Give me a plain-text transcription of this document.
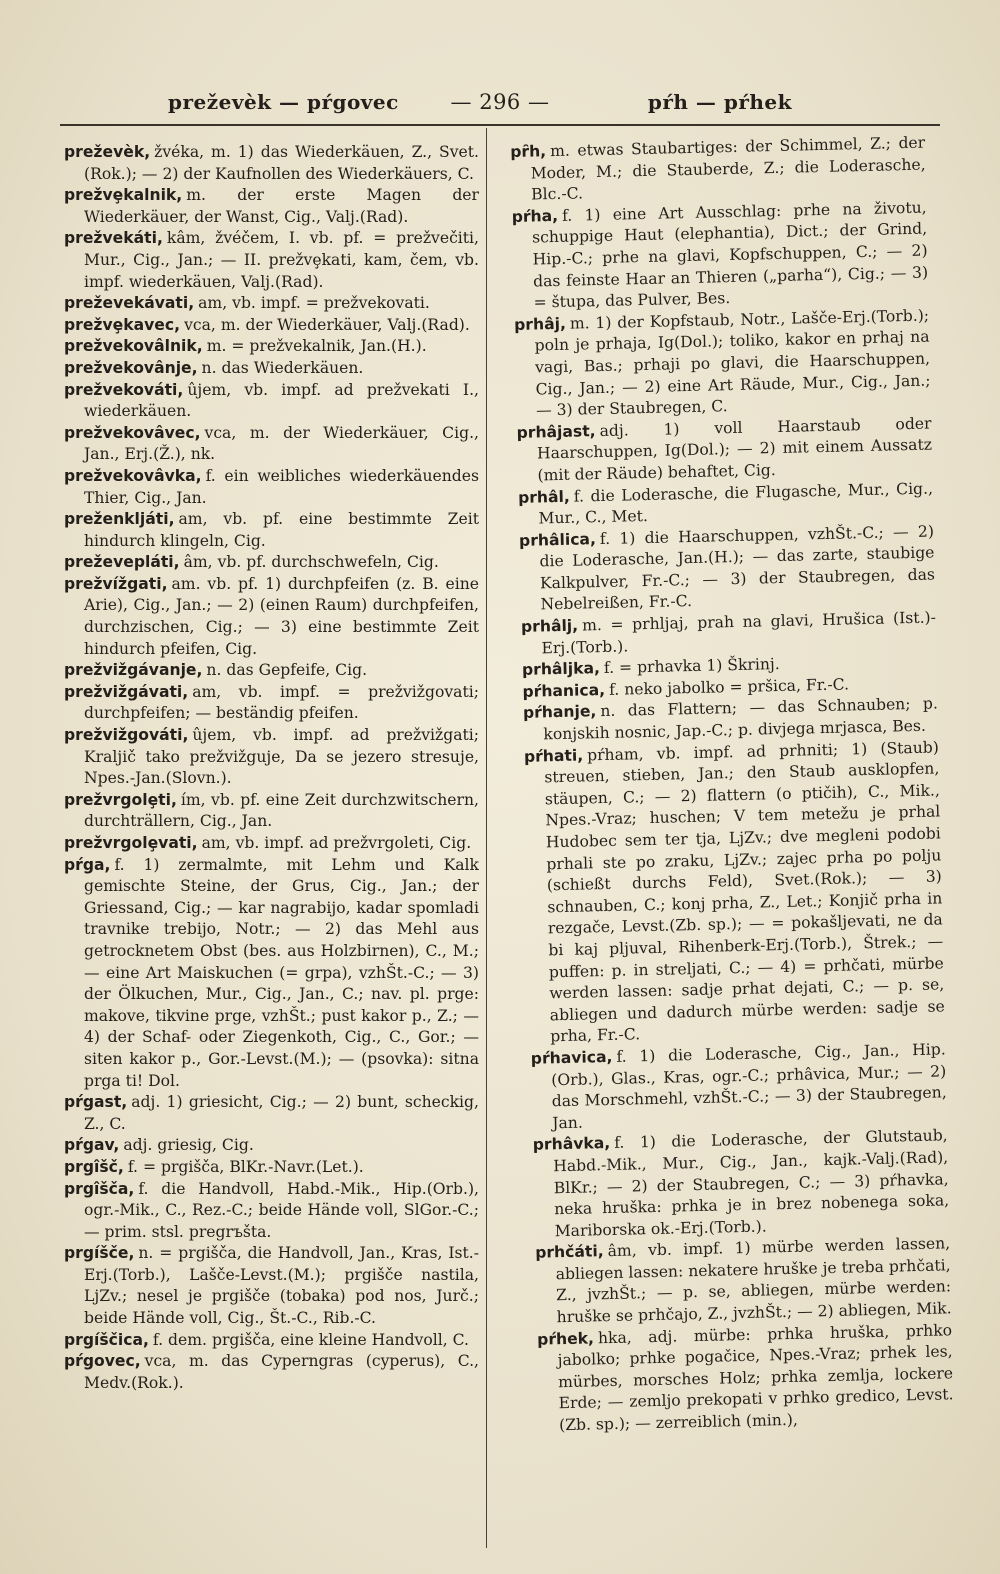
preževèk — pŕgovec	— 296 —	pŕh — pŕhek

preževèk, žvéka, m. 1) das Wiederkäuen, Z., Svet.(Rok.); — 2) der Kaufnollen des Wiederkäuers, C.

prežvȩkalnik, m. der erste Magen der Wiederkäuer, der Wanst, Cig., Valj.(Rad).

prežvekáti, kâm, žvéčem, I. vb. pf. = prežvečiti, Mur., Cig., Jan.; — II. prežvȩkati, kam, čem, vb. impf. wiederkäuen, Valj.(Rad).

preževekávati, am, vb. impf. = prežvekovati.

prežvȩkavec, vca, m. der Wiederkäuer, Valj.(Rad).

prežvekovâlnik, m. = prežvekalnik, Jan.(H.).

prežvekovânje, n. das Wiederkäuen.

prežvekováti, ûjem, vb. impf. ad prežvekati I., wiederkäuen.

prežvekovâvec, vca, m. der Wiederkäuer, Cig., Jan., Erj.(Ž.), nk.

prežvekovâvka, f. ein weibliches wiederkäuendes Thier, Cig., Jan.

preženkljáti, am, vb. pf. eine bestimmte Zeit hindurch klingeln, Cig.

preževepláti, âm, vb. pf. durchschwefeln, Cig.

prežvížgati, am. vb. pf. 1) durchpfeifen (z. B. eine Arie), Cig., Jan.; — 2) (einen Raum) durchpfeifen, durchzischen, Cig.; — 3) eine bestimmte Zeit hindurch pfeifen, Cig.

prežvižgávanje, n. das Gepfeife, Cig.

prežvižgávati, am, vb. impf. = prežvižgovati; durchpfeifen; — beständig pfeifen.

prežvižgováti, ûjem, vb. impf. ad prežvižgati; Kraljič tako prežvižguje, Da se jezero stresuje, Npes.-Jan.(Slovn.).

prežvrgolȩti, ím, vb. pf. eine Zeit durchzwitschern, durchträllern, Cig., Jan.

prežvrgolȩvati, am, vb. impf. ad prežvrgoleti, Cig.

pŕga, f. 1) zermalmte, mit Lehm und Kalk gemischte Steine, der Grus, Cig., Jan.; der Griessand, Cig.; — kar nagrabijo, kadar spomladi travnike trebijo, Notr.; — 2) das Mehl aus getrocknetem Obst (bes. aus Holzbirnen), C., M.; — eine Art Maiskuchen (= grpa), vzhŠt.-C.; — 3) der Ölkuchen, Mur., Cig., Jan., C.; nav. pl. prge: makove, tikvine prge, vzhŠt.; pust kakor p., Z.; — 4) der Schaf- oder Ziegenkoth, Cig., C., Gor.; — siten kakor p., Gor.-Levst.(M.); — (psovka): sitna prga ti! Dol.

pŕgast, adj. 1) griesicht, Cig.; — 2) bunt, scheckig, Z., C.

pŕgav, adj. griesig, Cig.

prgîšč, f. = prgišča, BlKr.-Navr.(Let.).

prgîšča, f. die Handvoll, Habd.-Mik., Hip.(Orb.), ogr.-Mik., C., Rez.-C.; beide Hände voll, SlGor.-C.; — prim. stsl. pregrъšta.

prgíšče, n. = prgišča, die Handvoll, Jan., Kras, Ist.-Erj.(Torb.), Lašče-Levst.(M.); prgišče nastila, LjZv.; nesel je prgišče (tobaka) pod nos, Jurč.; beide Hände voll, Cig., Št.-C., Rib.-C.

prgíščica, f. dem. prgišča, eine kleine Handvoll, C.

pŕgovec, vca, m. das Cyperngras (cyperus), C., Medv.(Rok.).

pȓh, m. etwas Staubartiges: der Schimmel, Z.; der Moder, M.; die Stauberde, Z.; die Loderasche, Blc.-C.

pŕha, f. 1) eine Art Ausschlag: prhe na životu, schuppige Haut (elephantia), Dict.; der Grind, Hip.-C.; prhe na glavi, Kopfschuppen, C.; — 2) das feinste Haar an Thieren („parha“), Cig.; — 3) = štupa, das Pulver, Bes.

prhâj, m. 1) der Kopfstaub, Notr., Lašče-Erj.(Torb.); poln je prhaja, Ig(Dol.); toliko, kakor en prhaj na vagi, Bas.; prhaji po glavi, die Haarschuppen, Cig., Jan.; — 2) eine Art Räude, Mur., Cig., Jan.; — 3) der Staubregen, C.

prhâjast, adj. 1) voll Haarstaub oder Haarschuppen, Ig(Dol.); — 2) mit einem Aussatz (mit der Räude) behaftet, Cig.

prhâl, f. die Loderasche, die Flugasche, Mur., Cig., Mur., C., Met.

prhâlica, f. 1) die Haarschuppen, vzhŠt.-C.; — 2) die Loderasche, Jan.(H.); — das zarte, staubige Kalkpulver, Fr.-C.; — 3) der Staubregen, das Nebelreißen, Fr.-C.

prhâlj, m. = prhljaj, prah na glavi, Hrušica (Ist.)-Erj.(Torb.).

prhâljka, f. = prhavka 1) Škrinj.

pŕhanica, f. neko jabolko = pršica, Fr.-C.

pŕhanje, n. das Flattern; — das Schnauben; p. konjskih nosnic, Jap.-C.; p. divjega mrjasca, Bes.

pŕhati, pŕham, vb. impf. ad prhniti; 1) (Staub) streuen, stieben, Jan.; den Staub ausklopfen, stäupen, C.; — 2) flattern (o ptičih), C., Mik., Npes.-Vraz; huschen; V tem metežu je prhal Hudobec sem ter tja, LjZv.; dve megleni podobi prhali ste po zraku, LjZv.; zajec prha po polju (schießt durchs Feld), Svet.(Rok.); — 3) schnauben, C.; konj prha, Z., Let.; Konjič prha in rezgače, Levst.(Zb. sp.); — = pokašljevati, ne da bi kaj pljuval, Rihenberk-Erj.(Torb.), Štrek.; — puffen: p. in streljati, C.; — 4) = prhčati, mürbe werden lassen: sadje prhat dejati, C.; — p. se, abliegen und dadurch mürbe werden: sadje se prha, Fr.-C.

pŕhavica, f. 1) die Loderasche, Cig., Jan., Hip.(Orb.), Glas., Kras, ogr.-C.; prhâvica, Mur.; — 2) das Morschmehl, vzhŠt.-C.; — 3) der Staubregen, Jan.

prhâvka, f. 1) die Loderasche, der Glutstaub, Habd.-Mik., Mur., Cig., Jan., kajk.-Valj.(Rad), BlKr.; — 2) der Staubregen, C.; — 3) pŕhavka, neka hruška: prhka je in brez nobenega soka, Mariborska ok.-Erj.(Torb.).

prhčáti, âm, vb. impf. 1) mürbe werden lassen, abliegen lassen: nekatere hruške je treba prhčati, Z., jvzhŠt.; — p. se, abliegen, mürbe werden: hruške se prhčajo, Z., jvzhŠt.; — 2) abliegen, Mik.

pŕhek, hka, adj. mürbe: prhka hruška, prhko jabolko; prhke pogačice, Npes.-Vraz; prhek les, mürbes, morsches Holz; prhka zemlja, lockere Erde; — zemljo prekopati v prhko gredico, Levst.(Zb. sp.); — zerreiblich (min.),
